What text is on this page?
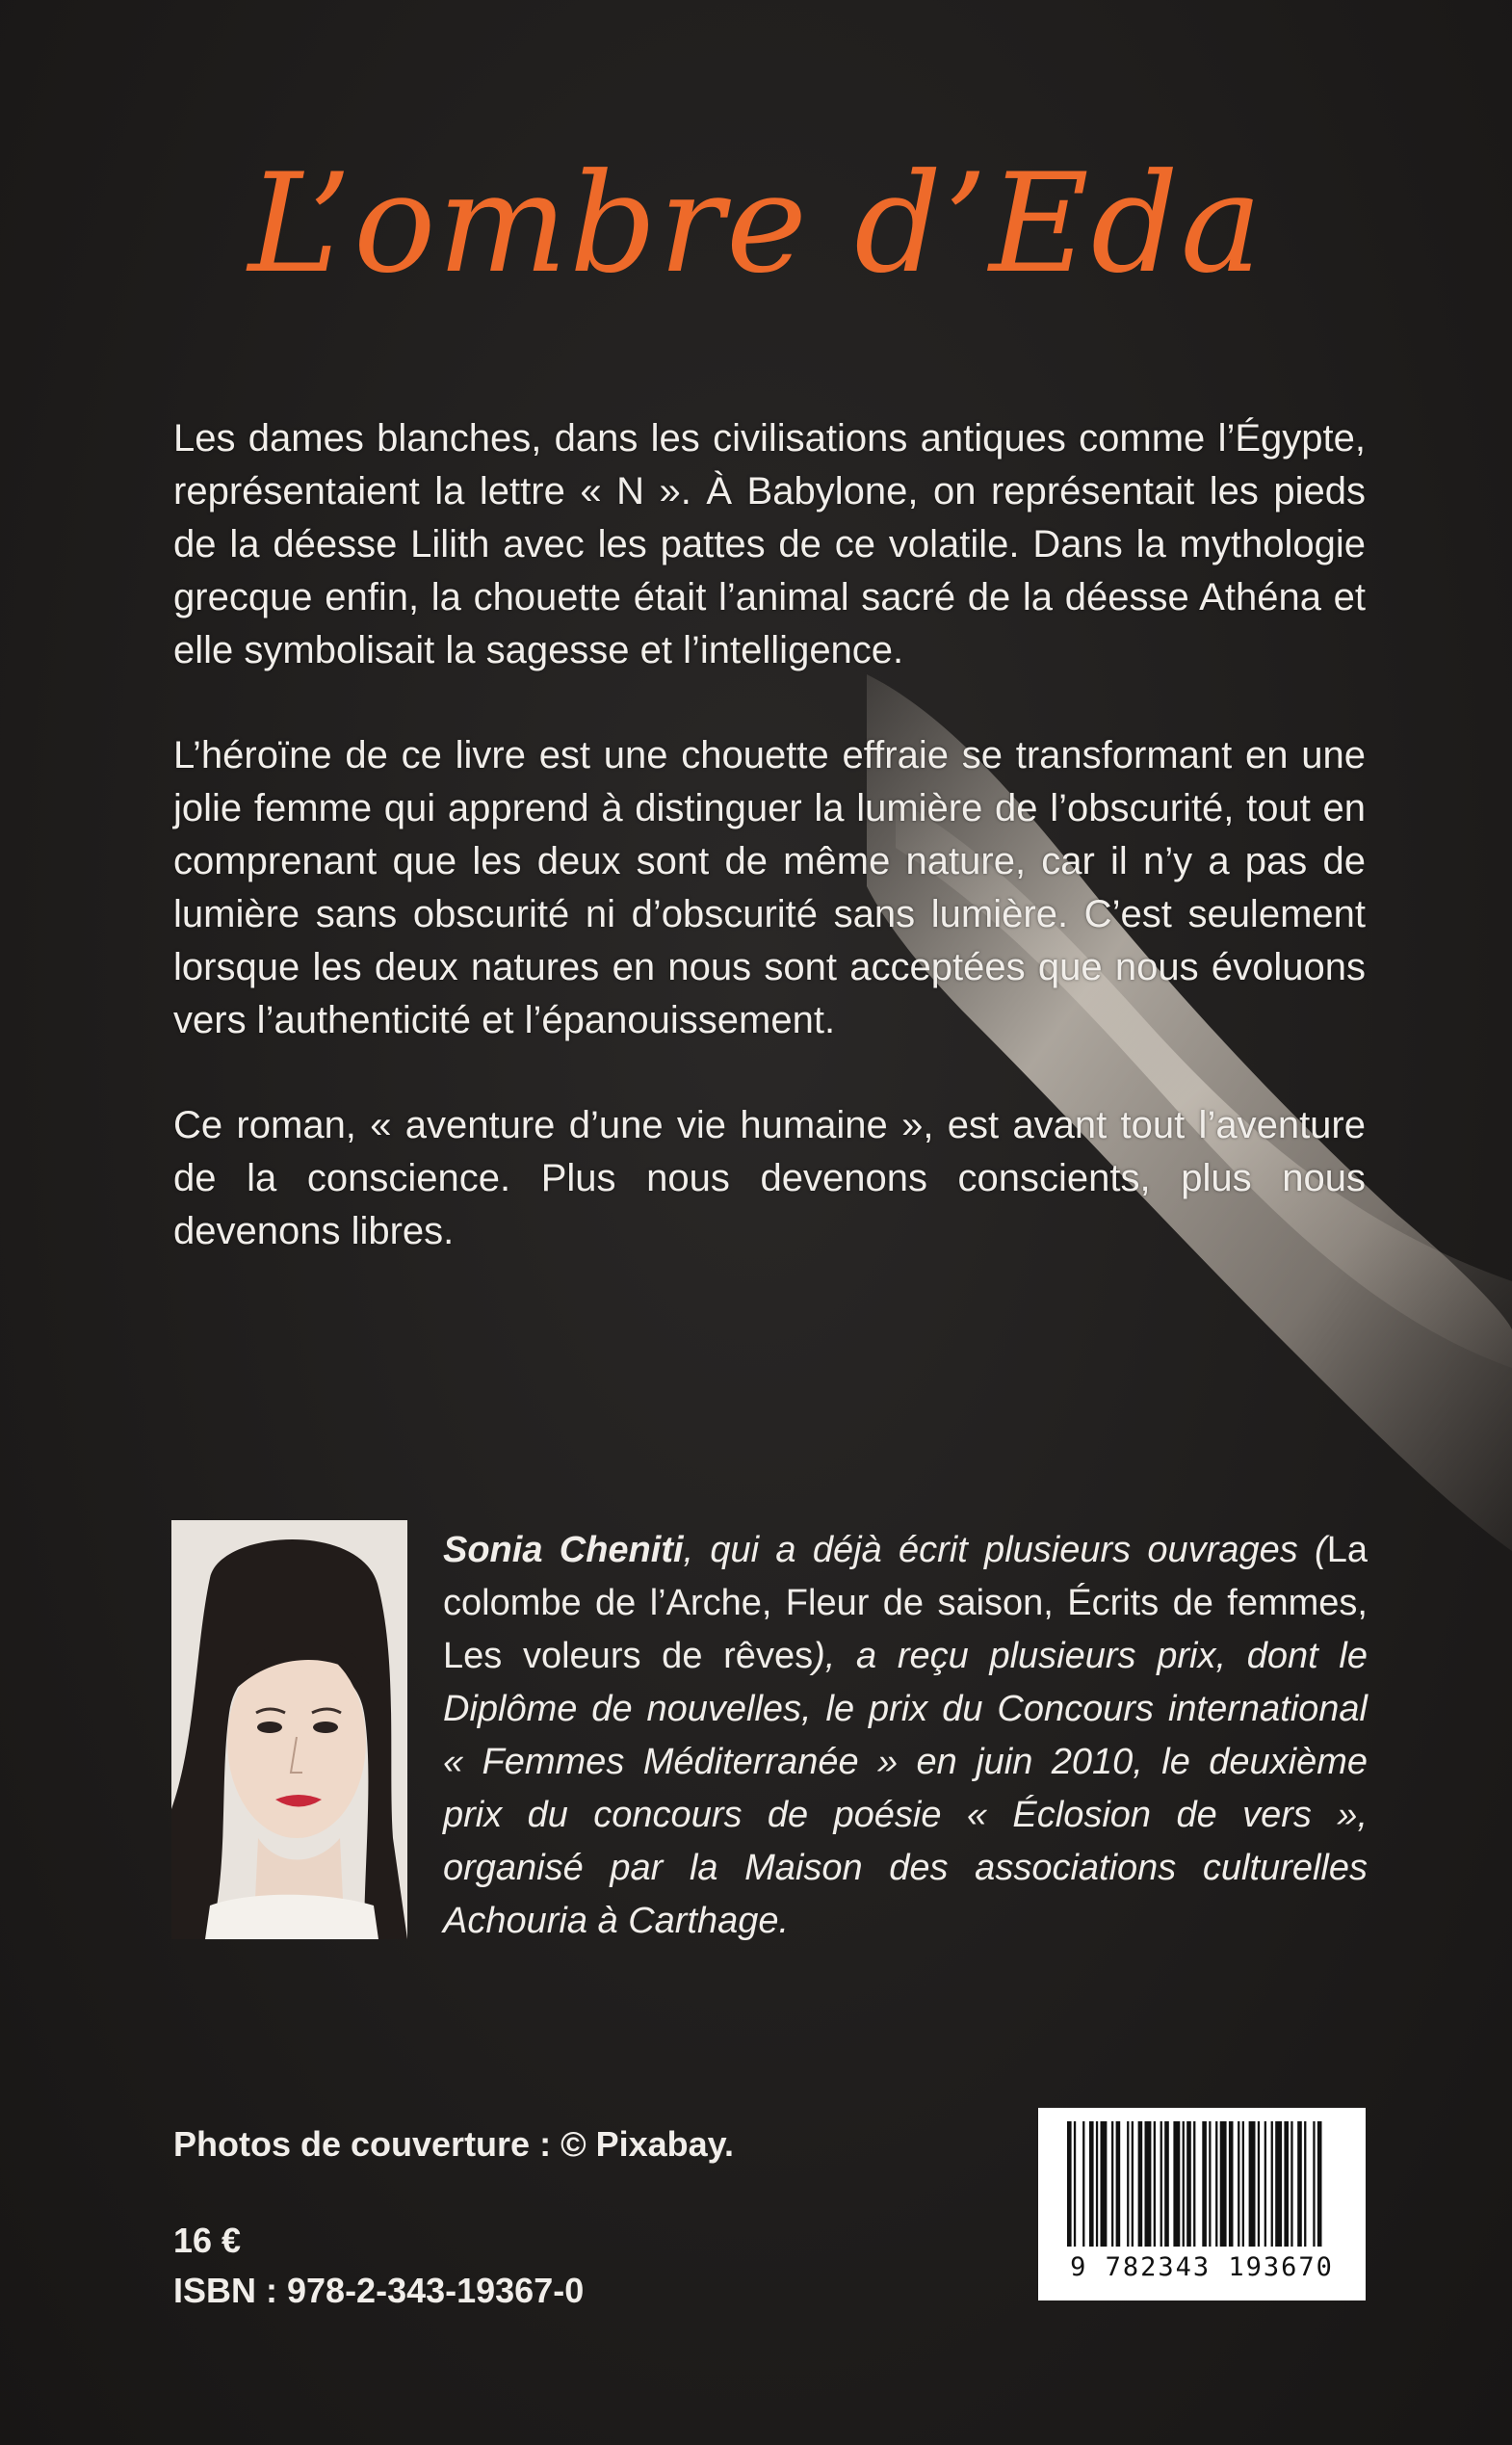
L’ombre d’Eda

Les dames blanches, dans les civilisations antiques comme l’Égypte, représentaient la lettre « N ». À Babylone, on représentait les pieds de la déesse Lilith avec les pattes de ce volatile. Dans la mythologie grecque enfin, la chouette était l’animal sacré de la déesse Athéna et elle symbolisait la sagesse et l’intelligence.

L’héroïne de ce livre est une chouette effraie se transformant en une jolie femme qui apprend à distinguer la lumière de l’obscurité, tout en comprenant que les deux sont de même nature, car il n’y a pas de lumière sans obscurité ni d’obscurité sans lumière. C’est seulement lorsque les deux natures en nous sont acceptées que nous évoluons vers l’authenticité et l’épanouissement.

Ce roman, « aventure d’une vie humaine », est avant tout l’aventure de la conscience. Plus nous devenons conscients, plus nous devenons libres.

Sonia Cheniti, qui a déjà écrit plusieurs ouvrages (La colombe de l’Arche, Fleur de saison, Écrits de femmes, Les voleurs de rêves), a reçu plusieurs prix, dont le Diplôme de nouvelles, le prix du Concours international « Femmes Méditerranée » en juin 2010, le deuxième prix du concours de poésie « Éclosion de vers », organisé par la Maison des associations culturelles Achouria à Carthage.

Photos de couverture : © Pixabay.

16 €

ISBN : 978-2-343-19367-0

9 782343 193670
